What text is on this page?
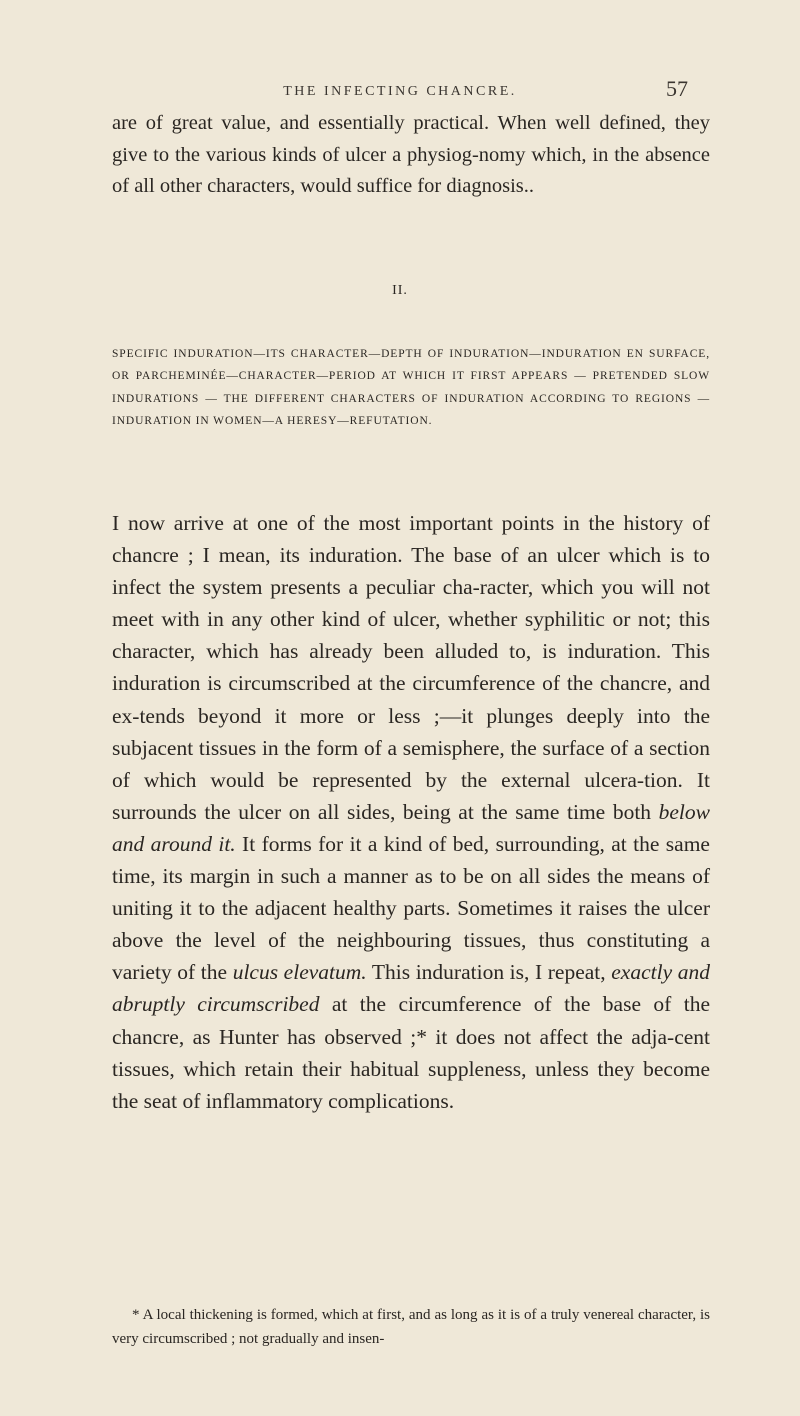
THE INFECTING CHANCRE.	57

are of great value, and essentially practical. When well defined, they give to the various kinds of ulcer a physiog-nomy which, in the absence of all other characters, would suffice for diagnosis..

II.

SPECIFIC INDURATION—ITS CHARACTER—DEPTH OF INDURATION—INDURATION EN SURFACE, OR PARCHEMINÉE—CHARACTER—PERIOD AT WHICH IT FIRST APPEARS — PRETENDED SLOW INDURATIONS — THE DIFFERENT CHARACTERS OF INDURATION ACCORDING TO REGIONS — INDURATION IN WOMEN—A HERESY—REFUTATION.

I now arrive at one of the most important points in the history of chancre ; I mean, its induration. The base of an ulcer which is to infect the system presents a peculiar cha-racter, which you will not meet with in any other kind of ulcer, whether syphilitic or not; this character, which has already been alluded to, is induration. This induration is circumscribed at the circumference of the chancre, and ex-tends beyond it more or less ;—it plunges deeply into the subjacent tissues in the form of a semisphere, the surface of a section of which would be represented by the external ulcera-tion. It surrounds the ulcer on all sides, being at the same time both below and around it. It forms for it a kind of bed, surrounding, at the same time, its margin in such a manner as to be on all sides the means of uniting it to the adjacent healthy parts. Sometimes it raises the ulcer above the level of the neighbouring tissues, thus constituting a variety of the ulcus elevatum. This induration is, I repeat, exactly and abruptly circumscribed at the circumference of the base of the chancre, as Hunter has observed ;* it does not affect the adja-cent tissues, which retain their habitual suppleness, unless they become the seat of inflammatory complications.

* A local thickening is formed, which at first, and as long as it is of a truly venereal character, is very circumscribed ; not gradually and insen-
